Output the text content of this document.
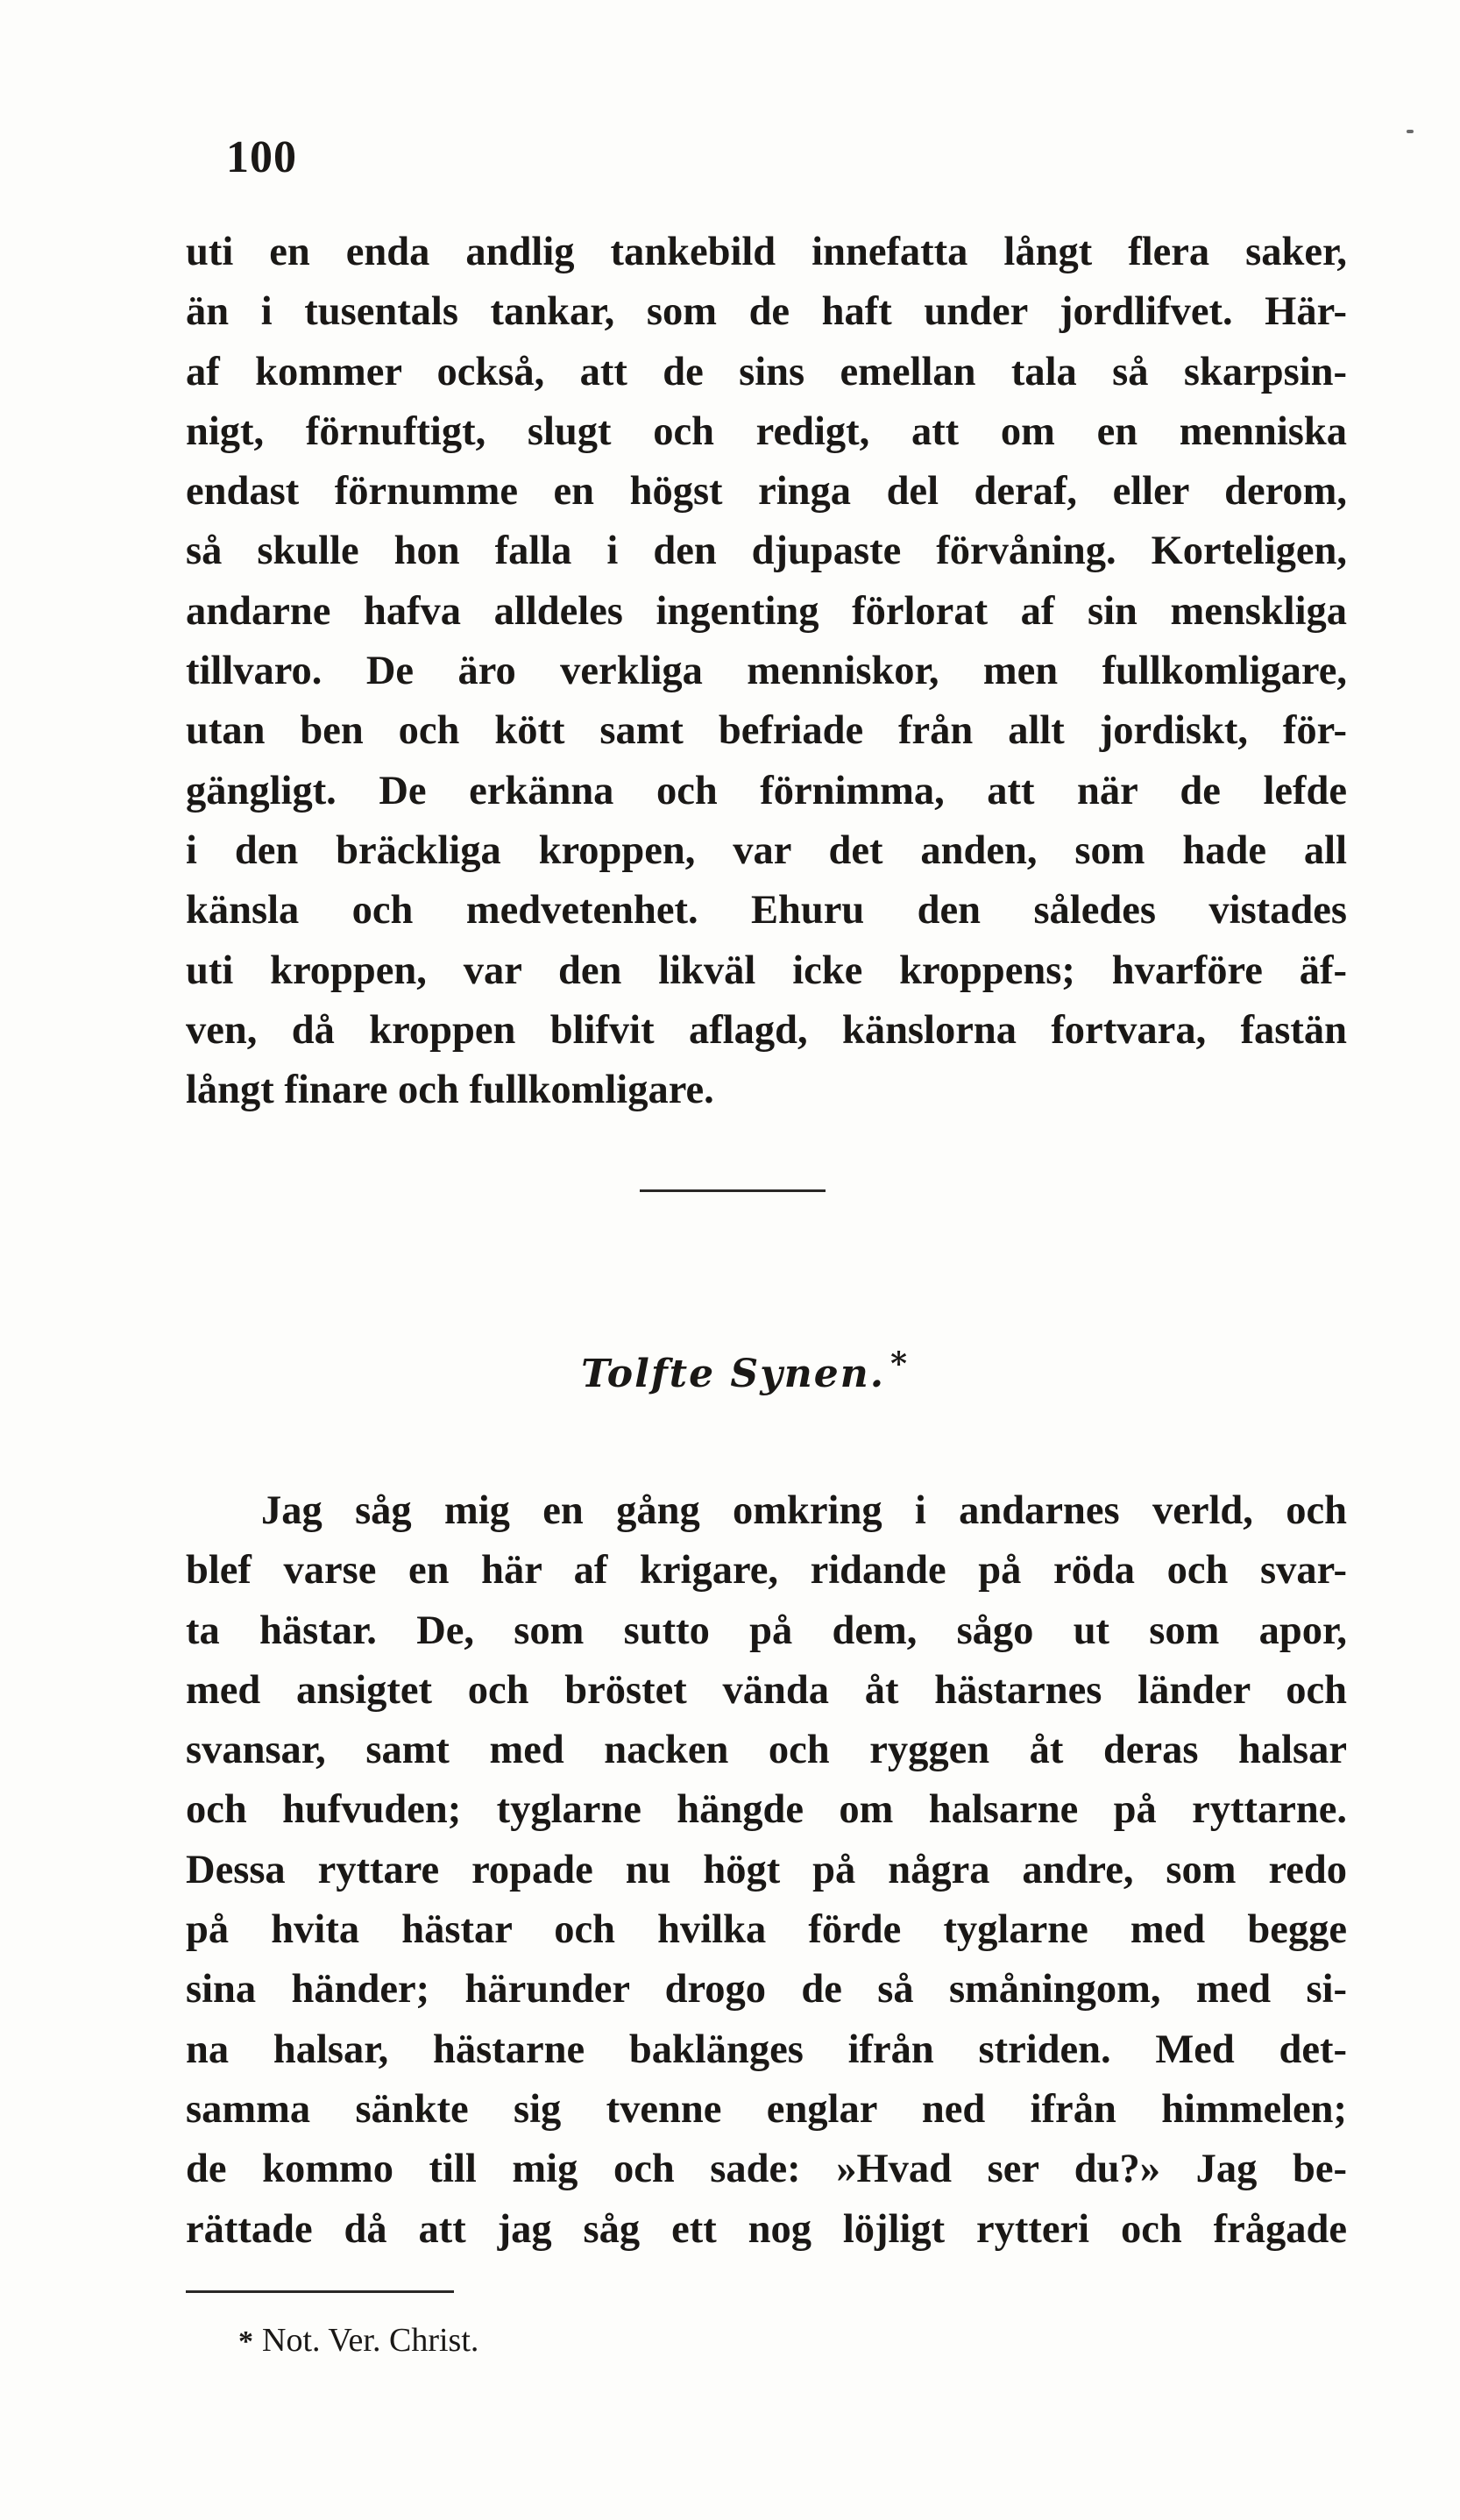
100
uti en enda andlig tankebild innefatta långt flera saker,
än i tusentals tankar, som de haft under jordlifvet. Här-
af kommer också, att de sins emellan tala så skarpsin-
nigt, förnuftigt, slugt och redigt, att om en menniska
endast förnumme en högst ringa del deraf, eller derom,
så skulle hon falla i den djupaste förvåning. Korteligen,
andarne hafva alldeles ingenting förlorat af sin menskliga
tillvaro. De äro verkliga menniskor, men fullkomligare,
utan ben och kött samt befriade från allt jordiskt, för-
gängligt. De erkänna och förnimma, att när de lefde
i den bräckliga kroppen, var det anden, som hade all
känsla och medvetenhet. Ehuru den således vistades
uti kroppen, var den likväl icke kroppens; hvarföre äf-
ven, då kroppen blifvit aflagd, känslorna fortvara, fastän
långt finare och fullkomligare.
Tolfte Synen. *
Jag såg mig en gång omkring i andarnes verld, och
blef varse en här af krigare, ridande på röda och svar-
ta hästar. De, som sutto på dem, sågo ut som apor,
med ansigtet och bröstet vända åt hästarnes länder och
svansar, samt med nacken och ryggen åt deras halsar
och hufvuden; tyglarne hängde om halsarne på ryttarne.
Dessa ryttare ropade nu högt på några andre, som redo
på hvita hästar och hvilka förde tyglarne med begge
sina händer; härunder drogo de så småningom, med si-
na halsar, hästarne baklänges ifrån striden. Med det-
samma sänkte sig tvenne englar ned ifrån himmelen;
de kommo till mig och sade: »Hvad ser du?» Jag be-
rättade då att jag såg ett nog löjligt rytteri och frågade
* Not. Ver. Christ.
